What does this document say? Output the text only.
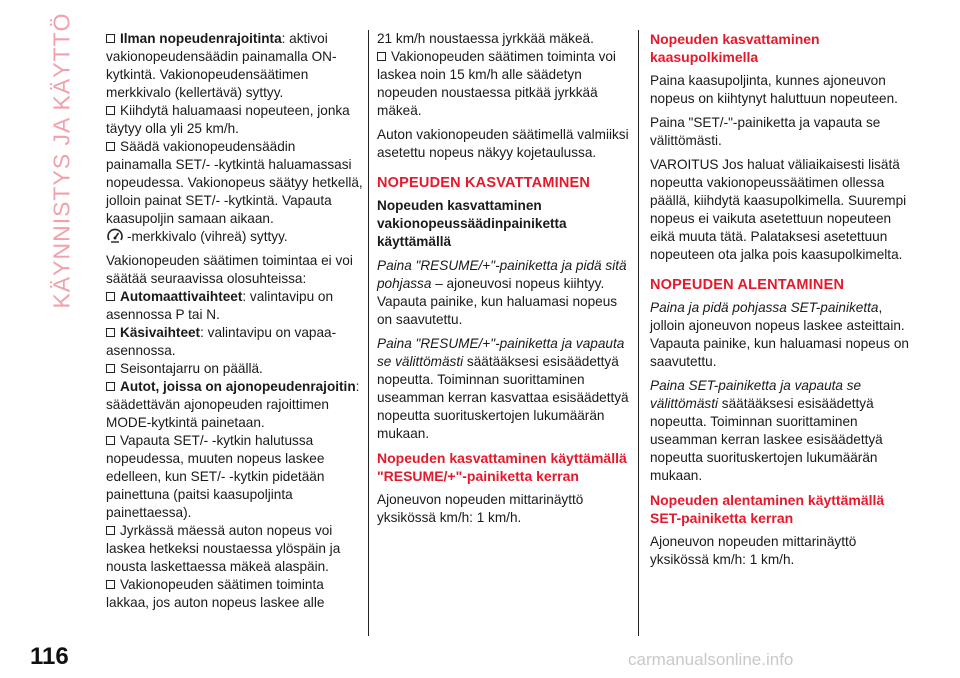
KÄYNNISTYS JA KÄYTTÖ	Ilman nopeudenrajoitinta: aktivoi vakionopeudensäädin painamalla ON-kytkintä. Vakionopeudensäätimen merkkivalo (kellertävä) syttyy.

Kiihdytä haluamaasi nopeuteen, jonka täytyy olla yli 25 km/h.

Säädä vakionopeudensäädin painamalla SET/- -kytkintä haluamassasi nopeudessa. Vakionopeus säätyy hetkellä, jolloin painat SET/- -kytkintä. Vapauta kaasupoljin samaan aikaan.

-merkkivalo (vihreä) syttyy.

Vakionopeuden säätimen toimintaa ei voi säätää seuraavissa olosuhteissa:

Automaattivaihteet: valintavipu on asennossa P tai N.

Käsivaihteet: valintavipu on vapaa-asennossa.

Seisontajarru on päällä.

Autot, joissa on ajonopeudenrajoitin: säädettävän ajonopeuden rajoittimen MODE-kytkintä painetaan.

Vapauta SET/- -kytkin halutussa nopeudessa, muuten nopeus laskee edelleen, kun SET/- -kytkin pidetään painettuna (paitsi kaasupoljinta painettaessa).

Jyrkässä mäessä auton nopeus voi laskea hetkeksi noustaessa ylöspäin ja nousta laskettaessa mäkeä alaspäin.

Vakionopeuden säätimen toiminta lakkaa, jos auton nopeus laskee alle

21 km/h noustaessa jyrkkää mäkeä.

Vakionopeuden säätimen toiminta voi laskea noin 15 km/h alle säädetyn nopeuden noustaessa pitkää jyrkkää mäkeä.

Auton vakionopeuden säätimellä valmiiksi asetettu nopeus näkyy kojetaulussa.

NOPEUDEN KASVATTAMINEN

Nopeuden kasvattaminen vakionopeussäädinpainiketta käyttämällä

Paina "RESUME/+"-painiketta ja pidä sitä pohjassa – ajoneuvosi nopeus kiihtyy. Vapauta painike, kun haluamasi nopeus on saavutettu.

Paina "RESUME/+"-painiketta ja vapauta se välittömästi säätääksesi esisäädettyä nopeutta. Toiminnan suorittaminen useamman kerran kasvattaa esisäädettyä nopeutta suorituskertojen lukumäärän mukaan.

Nopeuden kasvattaminen käyttämällä "RESUME/+"-painiketta kerran

Ajoneuvon nopeuden mittarinäyttö yksikössä km/h: 1 km/h.

Nopeuden kasvattaminen kaasupolkimella

Paina kaasupoljinta, kunnes ajoneuvon nopeus on kiihtynyt haluttuun nopeuteen.

Paina "SET/-"-painiketta ja vapauta se välittömästi.

VAROITUS Jos haluat väliaikaisesti lisätä nopeutta vakionopeussäätimen ollessa päällä, kiihdytä kaasupolkimella. Suurempi nopeus ei vaikuta asetettuun nopeuteen eikä muuta tätä. Palataksesi asetettuun nopeuteen ota jalka pois kaasupolkimelta.

NOPEUDEN ALENTAMINEN

Paina ja pidä pohjassa SET-painiketta, jolloin ajoneuvon nopeus laskee asteittain. Vapauta painike, kun haluamasi nopeus on saavutettu.

Paina SET-painiketta ja vapauta se välittömästi säätääksesi esisäädettyä nopeutta. Toiminnan suorittaminen useamman kerran laskee esisäädettyä nopeutta suorituskertojen lukumäärän mukaan.

Nopeuden alentaminen käyttämällä SET-painiketta kerran

Ajoneuvon nopeuden mittarinäyttö yksikössä km/h: 1 km/h.

116	carmanualsonline.info
